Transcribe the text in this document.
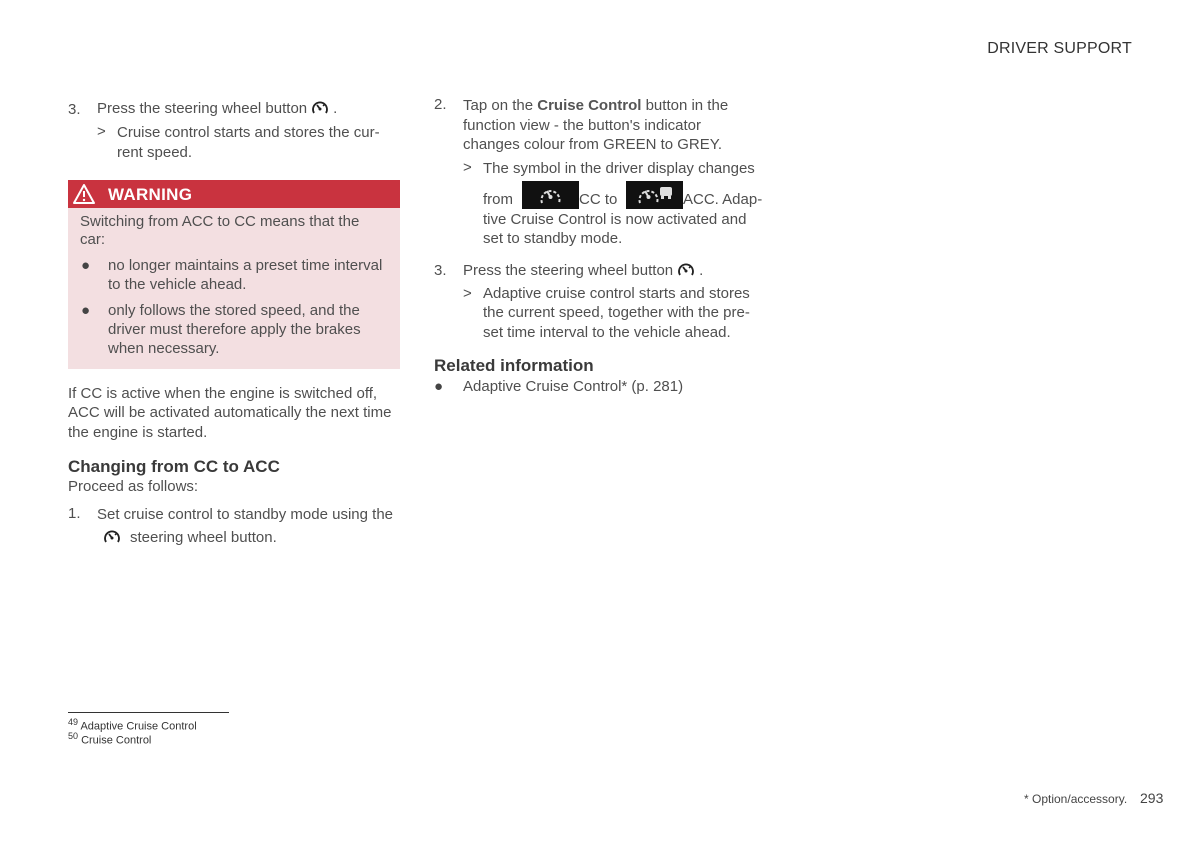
DRIVER SUPPORT
3. Press the steering wheel button .
> Cruise control starts and stores the cur-
rent speed.
WARNING
Switching from ACC to CC means that the
car:
● no longer maintains a preset time interval
to the vehicle ahead.
● only follows the stored speed, and the
driver must therefore apply the brakes
when necessary.
If CC is active when the engine is switched off,
ACC will be activated automatically the next time
the engine is started.
Changing from CC to ACC
Proceed as follows:
1. Set cruise control to standby mode using the
steering wheel button.
2. Tap on the Cruise Control button in the
function view - the button's indicator
changes colour from GREEN to GREY.
> The symbol in the driver display changes
from	CC to	ACC. Adap-
tive Cruise Control is now activated and
set to standby mode.
3. Press the steering wheel button .
> Adaptive cruise control starts and stores
the current speed, together with the pre-
set time interval to the vehicle ahead.
Related information
● Adaptive Cruise Control* (p. 281)
$^{49}$ Adaptive Cruise Control
$^{50}$ Cruise Control
* Option/accessory. 293
